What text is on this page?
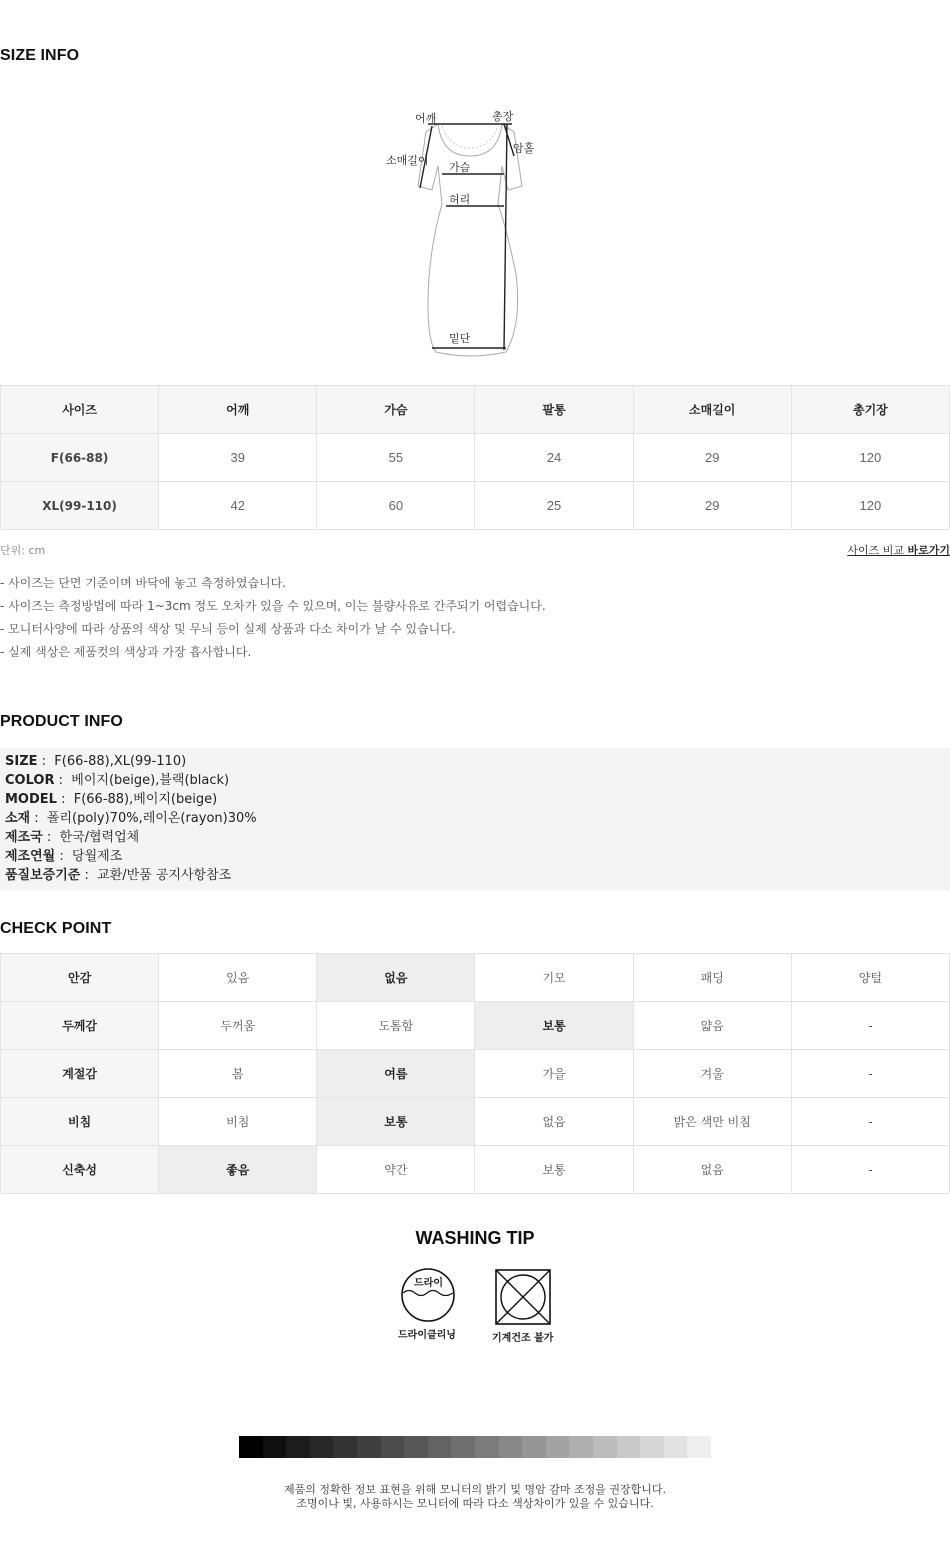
SIZE INFO
어깨	총장
암홀
소매길이
가슴
허리
밑단
사이즈	어깨	가슴	팔통	소매길이	총기장
F(66-88)	39	55	24	29	120
XL(99-110)	42	60	25	29	120
단위: cm	사이즈 비교 바로가기
- 사이즈는 단면 기준이며 바닥에 놓고 측정하였습니다.
- 사이즈는 측정방법에 따라 1~3cm 정도 오차가 있을 수 있으며, 이는 불량사유로 간주되기 어렵습니다.
- 모니터사양에 따라 상품의 색상 및 무늬 등이 실제 상품과 다소 차이가 날 수 있습니다.
- 실제 색상은 제품컷의 색상과 가장 흡사합니다.
PRODUCT INFO
SIZE :  F(66-88),XL(99-110)
COLOR :  베이지(beige),블랙(black)
MODEL :  F(66-88),베이지(beige)
소재 :  폴리(poly)70%,레이온(rayon)30%
제조국 :  한국/협력업체
제조연월 :  당월제조
품질보증기준 :  교환/반품 공지사항참조
CHECK POINT
안감	있음	없음	기모	패딩	양털
두께감	두꺼움	도톰함	보통	얇음	-
계절감	봄	여름	가을	겨울	-
비침	비침	보통	없음	밝은 색만 비침	-
신축성	좋음	약간	보통	없음	-
WASHING TIP
드라이
드라이클리닝	기계건조 불가
제품의 정확한 정보 표현을 위해 모니터의 밝기 및 명암 감마 조정을 권장합니다.
조명이나 빛, 사용하시는 모니터에 따라 다소 색상차이가 있을 수 있습니다.
